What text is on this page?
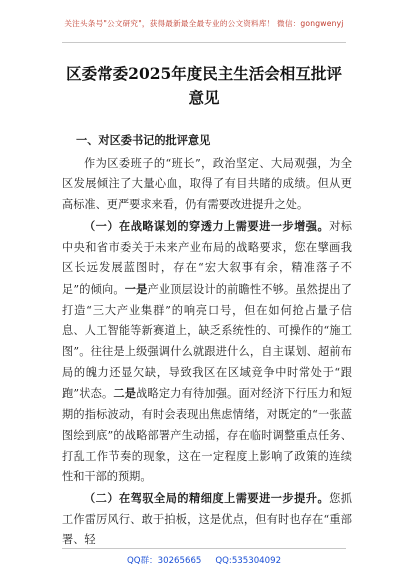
关注头条号"公文研究"，获得最新最全最专业的公文资料库！ 微信：gongwenyj
区委常委2025年度民主生活会相互批评
意见

一、对区委书记的批评意见

作为区委班子的“班长”，政治坚定、大局观强，为全区发展倾注了大量心血，取得了有目共睹的成绩。但从更高标准、更严要求来看，仍有需要改进提升之处。

（一）在战略谋划的穿透力上需要进一步增强。对标中央和省市委关于未来产业布局的战略要求，您在擘画我区长远发展蓝图时，存在“宏大叙事有余，精准落子不足”的倾向。一是产业顶层设计的前瞻性不够。虽然提出了打造“三大产业集群”的响亮口号，但在如何抢占量子信息、人工智能等新赛道上，缺乏系统性的、可操作的“施工图”。往往是上级强调什么就跟进什么，自主谋划、超前布局的魄力还显欠缺，导致我区在区域竞争中时常处于“跟跑”状态。二是战略定力有待加强。面对经济下行压力和短期的指标波动，有时会表现出焦虑情绪，对既定的“一张蓝图绘到底”的战略部署产生动摇，存在临时调整重点任务、打乱工作节奏的现象，这在一定程度上影响了政策的连续性和干部的预期。

（二）在驾驭全局的精细度上需要进一步提升。您抓工作雷厉风行、敢于拍板，这是优点，但有时也存在“重部署、轻

QQ群：30265665 QQ:535304092
